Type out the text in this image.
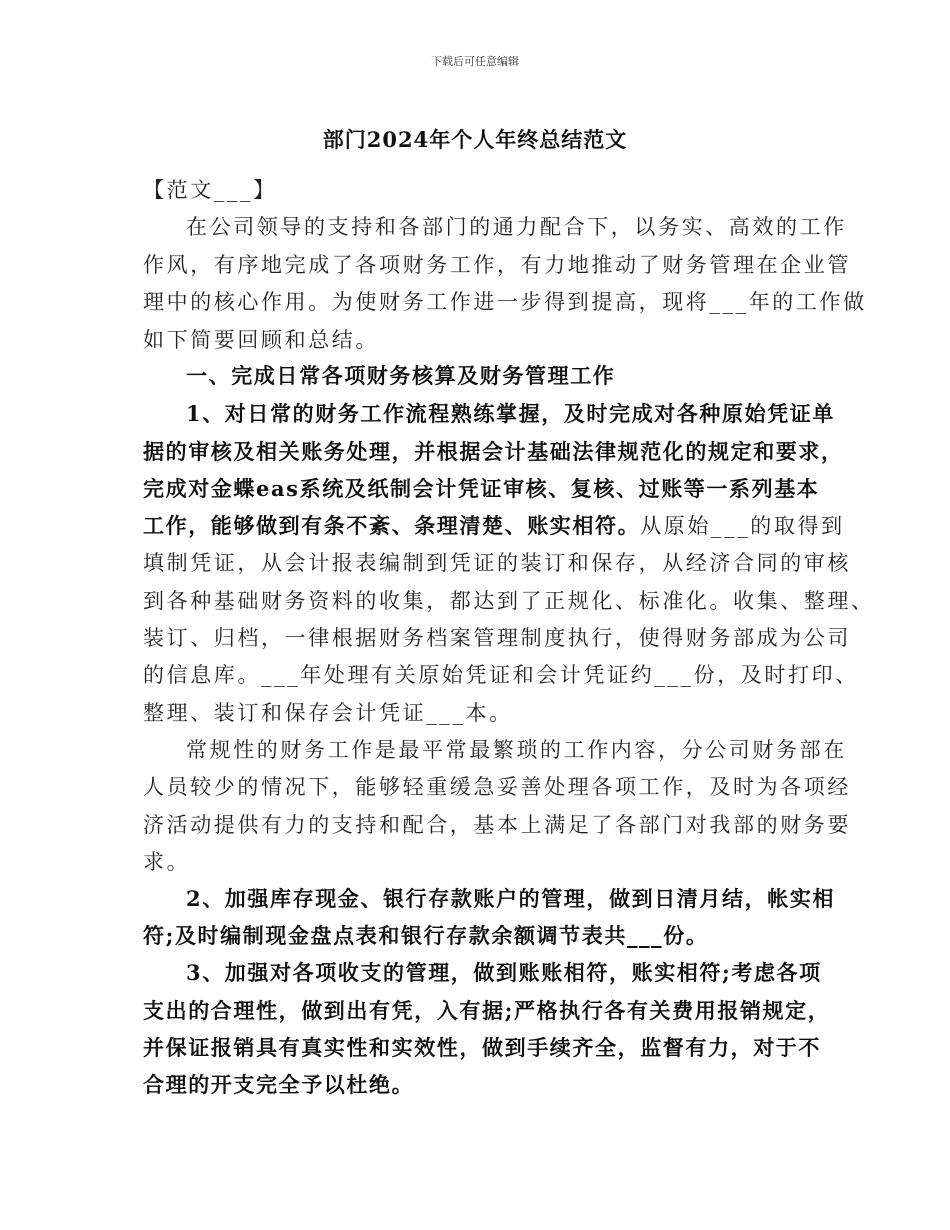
下载后可任意编辑
部门2024年个人年终总结范文
【范文___】
在公司领导的支持和各部门的通力配合下，以务实、高效的工作
作风，有序地完成了各项财务工作，有力地推动了财务管理在企业管
理中的核心作用。为使财务工作进一步得到提高，现将___年的工作做
如下简要回顾和总结。
一、完成日常各项财务核算及财务管理工作
1、对日常的财务工作流程熟练掌握，及时完成对各种原始凭证单
据的审核及相关账务处理，并根据会计基础法律规范化的规定和要求，
完成对金蝶eas系统及纸制会计凭证审核、复核、过账等一系列基本
工作，能够做到有条不紊、条理清楚、账实相符。从原始___的取得到
填制凭证，从会计报表编制到凭证的装订和保存，从经济合同的审核
到各种基础财务资料的收集，都达到了正规化、标准化。收集、整理、
装订、归档，一律根据财务档案管理制度执行，使得财务部成为公司
的信息库。___年处理有关原始凭证和会计凭证约___份，及时打印、
整理、装订和保存会计凭证___本。
常规性的财务工作是最平常最繁琐的工作内容，分公司财务部在
人员较少的情况下，能够轻重缓急妥善处理各项工作，及时为各项经
济活动提供有力的支持和配合，基本上满足了各部门对我部的财务要
求。
2、加强库存现金、银行存款账户的管理，做到日清月结，帐实相
符;及时编制现金盘点表和银行存款余额调节表共___份。
3、加强对各项收支的管理，做到账账相符，账实相符;考虑各项
支出的合理性，做到出有凭，入有据;严格执行各有关费用报销规定，
并保证报销具有真实性和实效性，做到手续齐全，监督有力，对于不
合理的开支完全予以杜绝。
